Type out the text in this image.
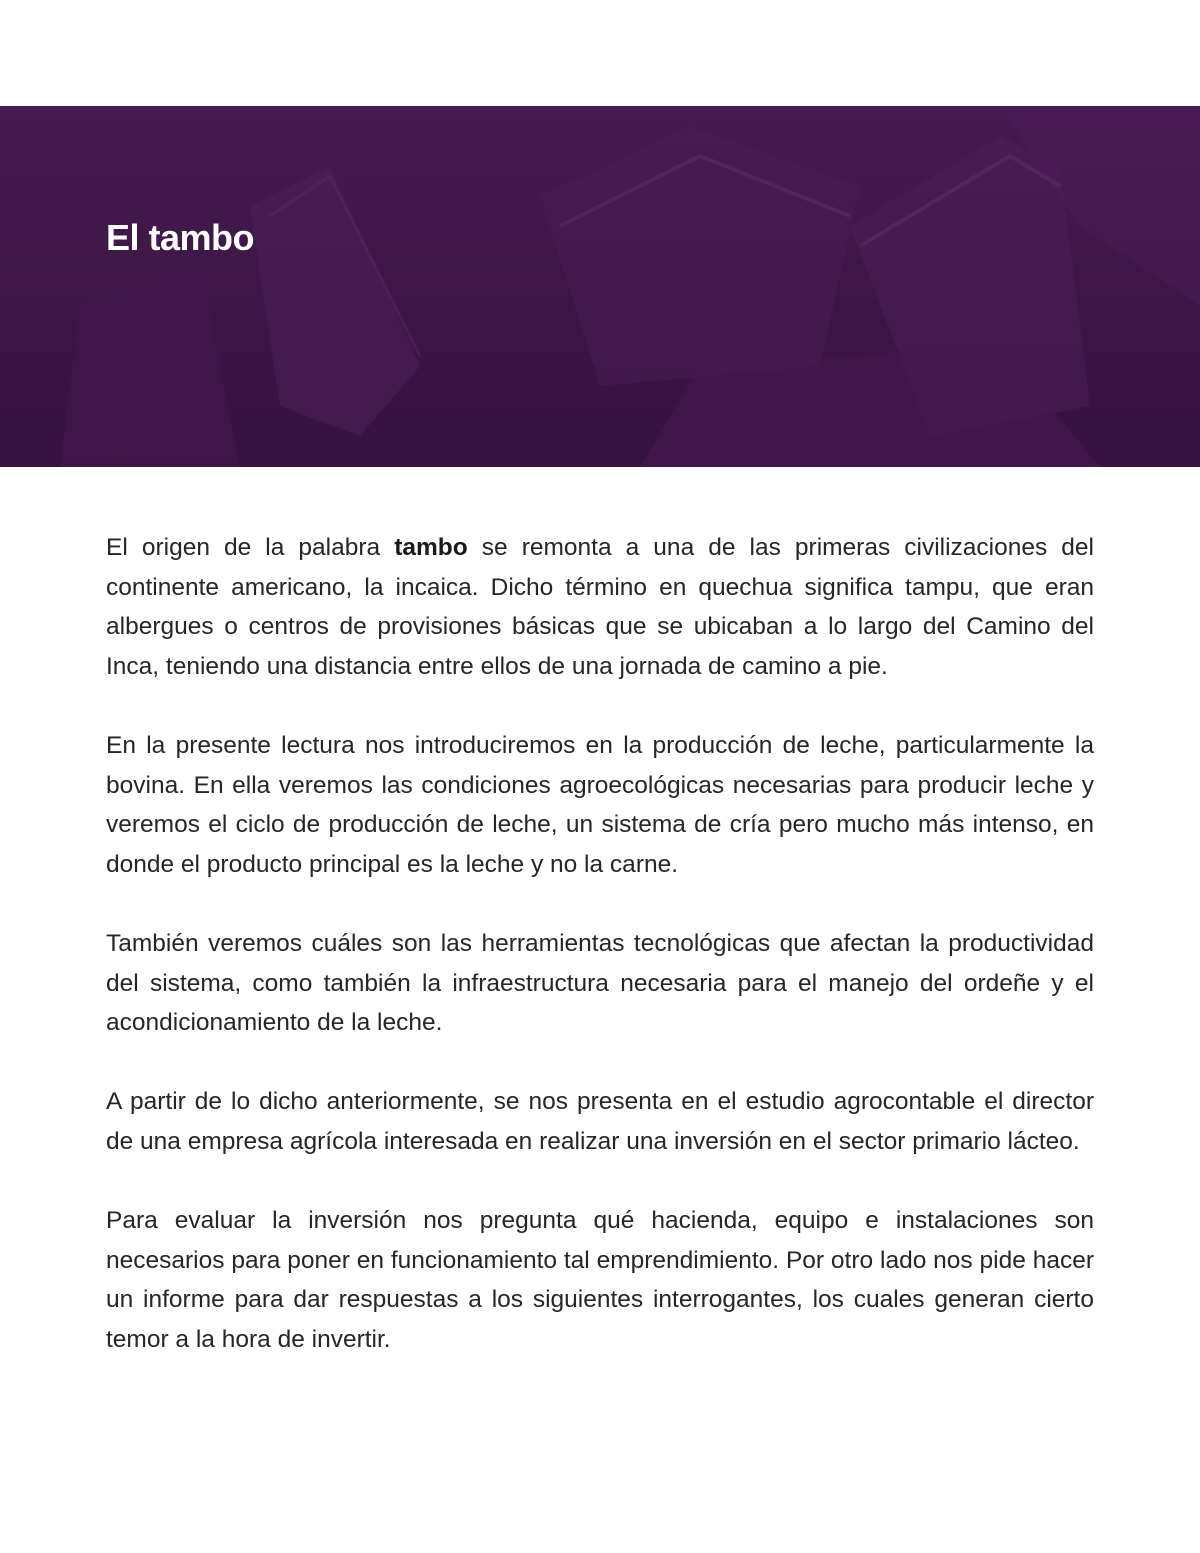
El tambo

El origen de la palabra tambo se remonta a una de las primeras civilizaciones del continente americano, la incaica. Dicho término en quechua significa tampu, que eran albergues o centros de provisiones básicas que se ubicaban a lo largo del Camino del Inca, teniendo una distancia entre ellos de una jornada de camino a pie.

En la presente lectura nos introduciremos en la producción de leche, particularmente la bovina. En ella veremos las condiciones agroecológicas necesarias para producir leche y veremos el ciclo de producción de leche, un sistema de cría pero mucho más intenso, en donde el producto principal es la leche y no la carne.

También veremos cuáles son las herramientas tecnológicas que afectan la productividad del sistema, como también la infraestructura necesaria para el manejo del ordeñe y el acondicionamiento de la leche.

A partir de lo dicho anteriormente, se nos presenta en el estudio agrocontable el director de una empresa agrícola interesada en realizar una inversión en el sector primario lácteo.

Para evaluar la inversión nos pregunta qué hacienda, equipo e instalaciones son necesarios para poner en funcionamiento tal emprendimiento. Por otro lado nos pide hacer un informe para dar respuestas a los siguientes interrogantes, los cuales generan cierto temor a la hora de invertir.
